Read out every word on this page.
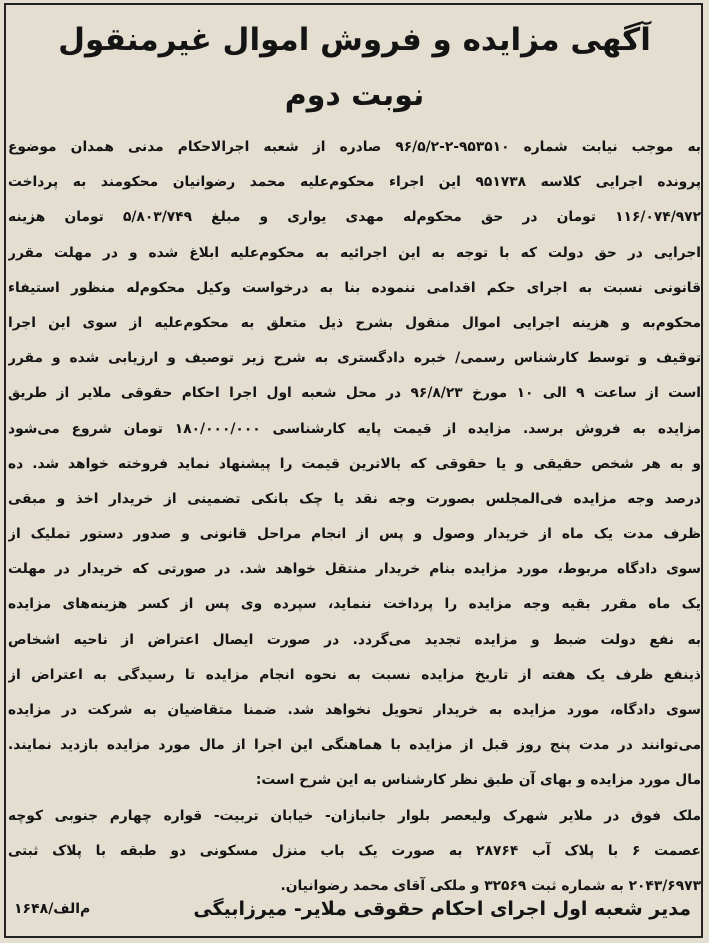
آگهی مزایده و فروش اموال غیرمنقول
نوبت دوم
به موجب نیابت شماره ۹۵۳۵۱۰-۲-۹۶/۵/۲ صادره از شعبه اجرالاحکام مدنی همدان موضوع
پرونده اجرایی کلاسه ۹۵۱۷۳۸ این اجراء محکوم‌علیه محمد رضوانیان محکومند به پرداخت
۱۱۶/۰۷۴/۹۷۲ تومان در حق محکوم‌له مهدی یواری و مبلغ ۵/۸۰۳/۷۴۹ تومان هزینه
اجرایی در حق دولت که با توجه به این اجرائیه به محکوم‌علیه ابلاغ شده و در مهلت مقرر
قانونی نسبت به اجرای حکم اقدامی ننموده بنا به درخواست وکیل محکوم‌له منظور استیفاء
محکوم‌به و هزینه اجرایی اموال منقول بشرح ذیل متعلق به محکوم‌علیه از سوی این اجرا
توقیف و توسط کارشناس رسمی/ خبره دادگستری به شرح زیر توصیف و ارزیابی شده و مقرر
است از ساعت ۹ الی ۱۰ مورخ ۹۶/۸/۲۳ در محل شعبه اول اجرا احکام حقوقی ملایر از طریق
مزایده به فروش برسد. مزایده از قیمت پایه کارشناسی ۱۸۰/۰۰۰/۰۰۰ تومان شروع می‌شود
و به هر شخص حقیقی و یا حقوقی که بالاترین قیمت را پیشنهاد نماید فروخته خواهد شد. ده
درصد وجه مزایده فی‌المجلس بصورت وجه نقد یا چک بانکی تضمینی از خریدار اخذ و مبقی
ظرف مدت یک ماه از خریدار وصول و پس از انجام مراحل قانونی و صدور دستور تملیک از
سوی دادگاه مربوط، مورد مزایده بنام خریدار منتقل خواهد شد. در صورتی که خریدار در مهلت
یک ماه مقرر بقیه وجه مزایده را پرداخت ننماید، سپرده وی پس از کسر هزینه‌های مزایده
به نفع دولت ضبط و مزایده تجدید می‌گردد. در صورت ایصال اعتراض از ناحیه اشخاص
ذینفع ظرف یک هفته از تاریخ مزایده نسبت به نحوه انجام مزایده تا رسیدگی به اعتراض از
سوی دادگاه، مورد مزایده به خریدار تحویل نخواهد شد. ضمنا متقاضیان به شرکت در مزایده
می‌توانند در مدت پنج روز قبل از مزایده با هماهنگی این اجرا از مال مورد مزایده بازدید نمایند.
مال مورد مزایده و بهای آن طبق نظر کارشناس به این شرح است:
ملک فوق در ملایر شهرک ولیعصر بلوار جانبازان- خیابان تربیت- قواره چهارم جنوبی کوچه
عصمت ۶ با پلاک آب ۲۸۷۶۴ به صورت یک باب منزل مسکونی دو طبقه با پلاک ثبتی
۲۰۴۳/۶۹۷۳ به شماره ثبت ۳۲۵۶۹ و ملکی آقای محمد رضوانیان.
مدیر شعبه اول اجرای احکام حقوقی ملایر- میرزابیگی
م‌الف/۱۶۴۸
